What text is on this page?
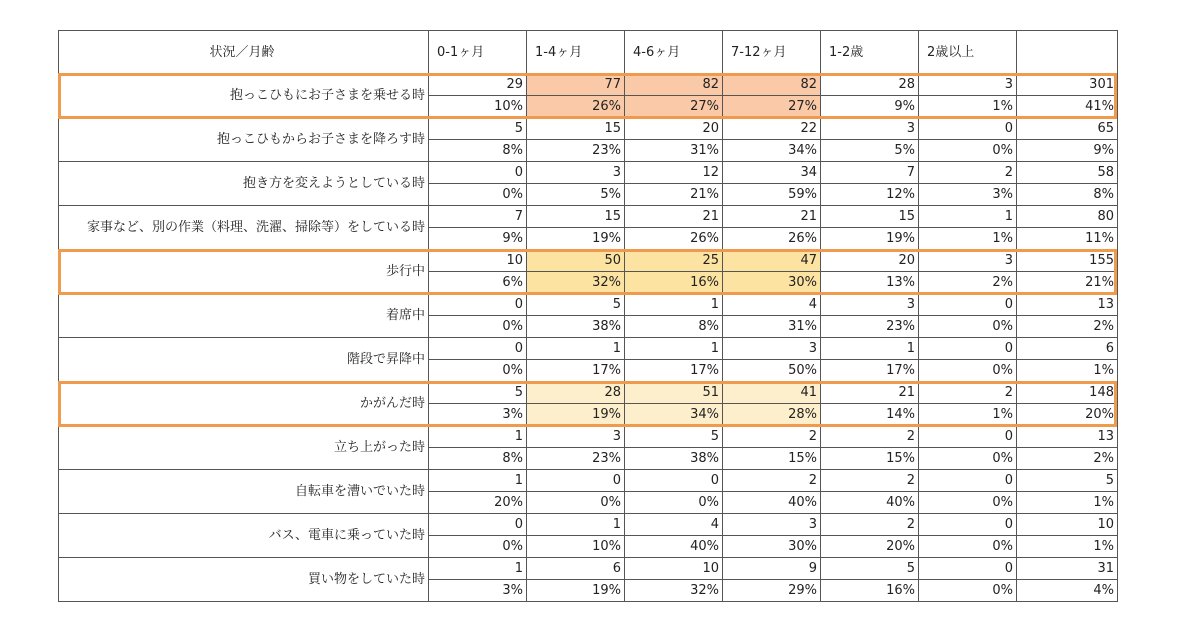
状況／月齢	0-1ヶ月	1-4ヶ月	4-6ヶ月	7-12ヶ月	1-2歳	2歳以上	
抱っこひもにお子さまを乗せる時	29	77	82	82	28	3	301
	10%	26%	27%	27%	9%	1%	41%
抱っこひもからお子さまを降ろす時	5	15	20	22	3	0	65
	8%	23%	31%	34%	5%	0%	9%
抱き方を変えようとしている時	0	3	12	34	7	2	58
	0%	5%	21%	59%	12%	3%	8%
家事など、別の作業（料理、洗濯、掃除等）をしている時	7	15	21	21	15	1	80
	9%	19%	26%	26%	19%	1%	11%
歩行中	10	50	25	47	20	3	155
	6%	32%	16%	30%	13%	2%	21%
着席中	0	5	1	4	3	0	13
	0%	38%	8%	31%	23%	0%	2%
階段で昇降中	0	1	1	3	1	0	6
	0%	17%	17%	50%	17%	0%	1%
かがんだ時	5	28	51	41	21	2	148
	3%	19%	34%	28%	14%	1%	20%
立ち上がった時	1	3	5	2	2	0	13
	8%	23%	38%	15%	15%	0%	2%
自転車を漕いでいた時	1	0	0	2	2	0	5
	20%	0%	0%	40%	40%	0%	1%
バス、電車に乗っていた時	0	1	4	3	2	0	10
	0%	10%	40%	30%	20%	0%	1%
買い物をしていた時	1	6	10	9	5	0	31
	3%	19%	32%	29%	16%	0%	4%
